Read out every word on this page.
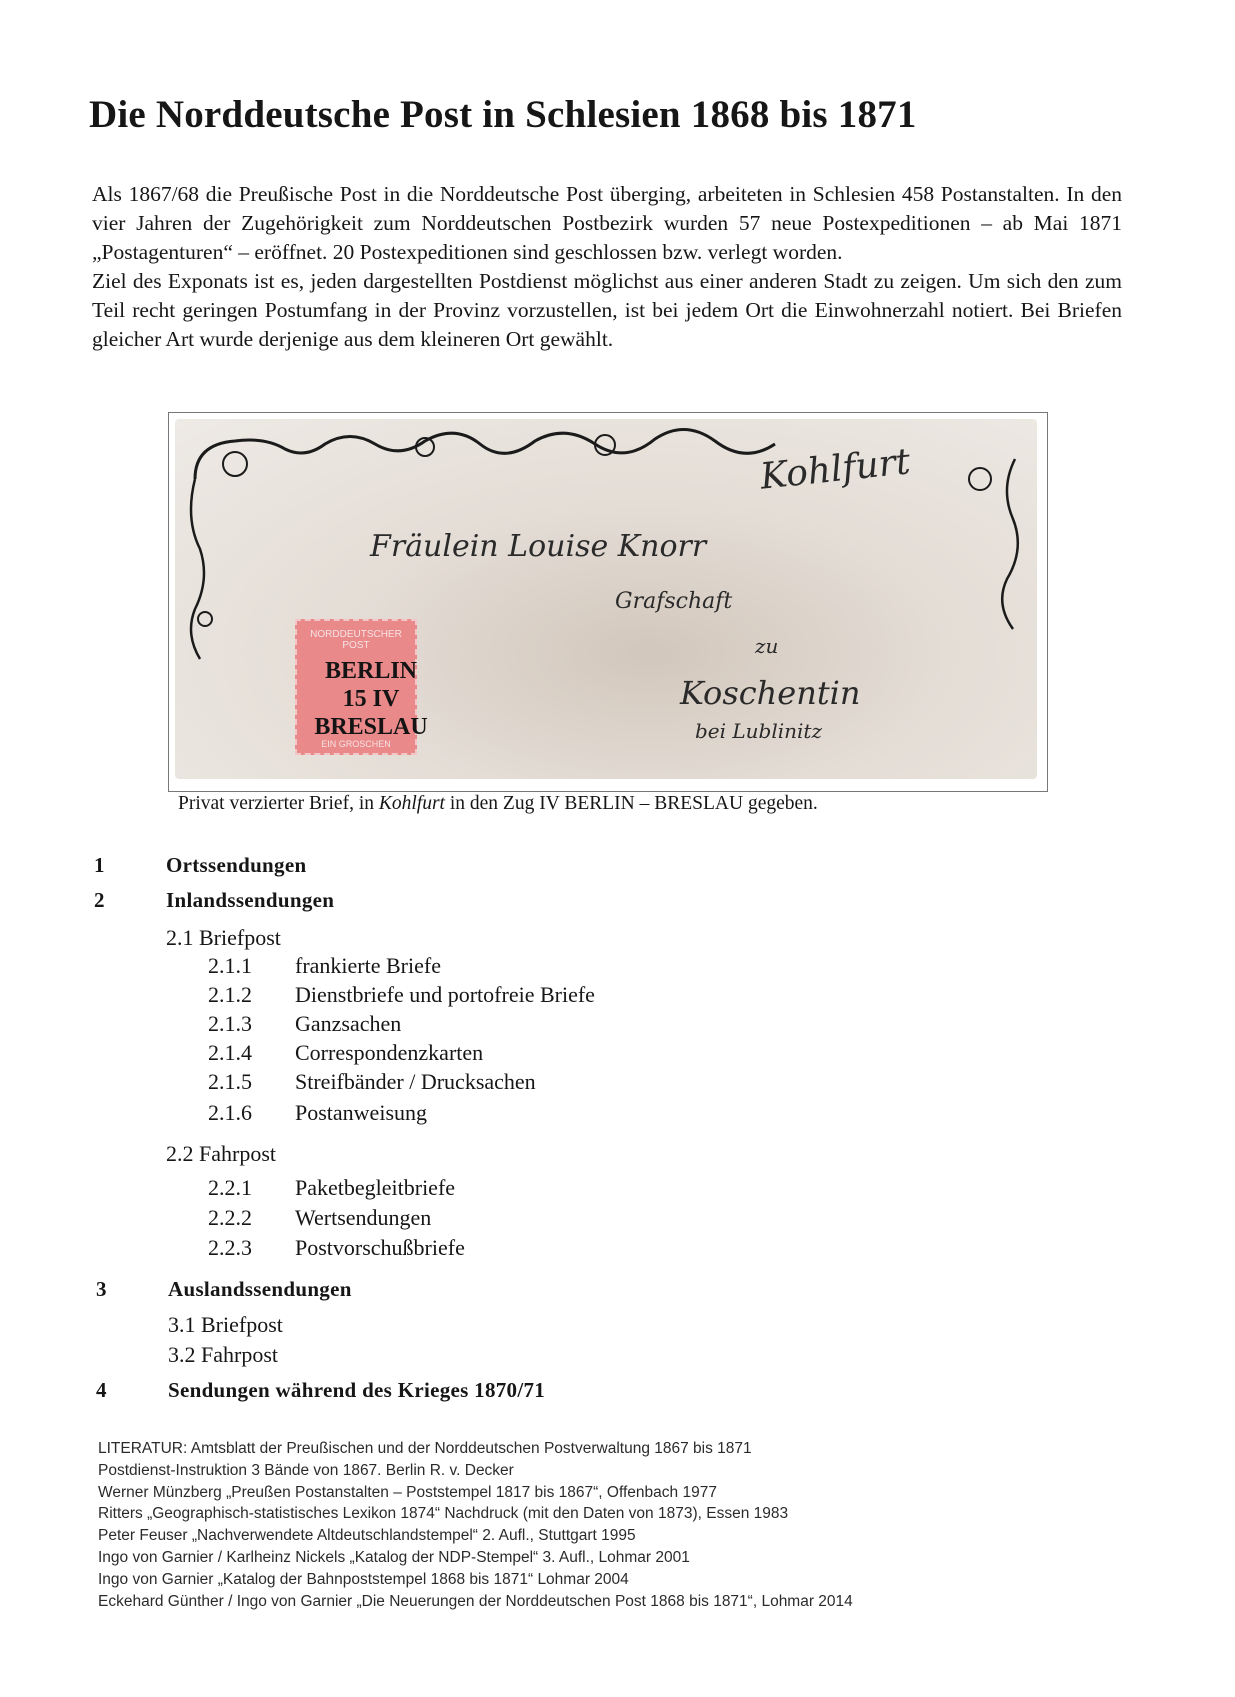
Die Norddeutsche Post in Schlesien 1868 bis 1871

Als 1867/68 die Preußische Post in die Norddeutsche Post überging, arbeiteten in Schlesien 458 Postanstalten. In den vier Jahren der Zugehörigkeit zum Norddeutschen Postbezirk wurden 57 neue Postexpeditionen – ab Mai 1871 „Postagenturen“ – eröffnet. 20 Postexpeditionen sind geschlossen bzw. verlegt worden.

Ziel des Exponats ist es, jeden dargestellten Postdienst möglichst aus einer anderen Stadt zu zeigen. Um sich den zum Teil recht geringen Postumfang in der Provinz vorzustellen, ist bei jedem Ort die Einwohnerzahl notiert. Bei Briefen gleicher Art wurde derjenige aus dem kleineren Ort gewählt.

NORDDEUTSCHER POST
EIN GROSCHEN
BERLIN
15 IV
BRESLAU
Kohlfurt
Fräulein Louise Knorr
Grafschaft
zu
Koschentin
bei Lublinitz

Privat verzierter Brief, in Kohlfurt in den Zug IV BERLIN – BRESLAU gegeben.

1	Ortssendungen
2	Inlandssendungen
2.1 Briefpost
2.1.1 frankierte Briefe
2.1.2 Dienstbriefe und portofreie Briefe
2.1.3 Ganzsachen
2.1.4 Correspondenzkarten
2.1.5 Streifbänder / Drucksachen
2.1.6 Postanweisung
2.2 Fahrpost
2.2.1 Paketbegleitbriefe
2.2.2 Wertsendungen
2.2.3 Postvorschußbriefe
3	Auslandssendungen
3.1 Briefpost
3.2 Fahrpost
4	Sendungen während des Krieges 1870/71
LITERATUR: Amtsblatt der Preußischen und der Norddeutschen Postverwaltung 1867 bis 1871
Postdienst-Instruktion 3 Bände von 1867. Berlin R. v. Decker
Werner Münzberg „Preußen Postanstalten – Poststempel 1817 bis 1867“, Offenbach 1977
Ritters „Geographisch-statistisches Lexikon 1874“ Nachdruck (mit den Daten von 1873), Essen 1983
Peter Feuser „Nachverwendete Altdeutschlandstempel“ 2. Aufl., Stuttgart 1995
Ingo von Garnier / Karlheinz Nickels „Katalog der NDP-Stempel“ 3. Aufl., Lohmar 2001
Ingo von Garnier „Katalog der Bahnpoststempel 1868 bis 1871“ Lohmar 2004
Eckehard Günther / Ingo von Garnier „Die Neuerungen der Norddeutschen Post 1868 bis 1871“, Lohmar 2014
